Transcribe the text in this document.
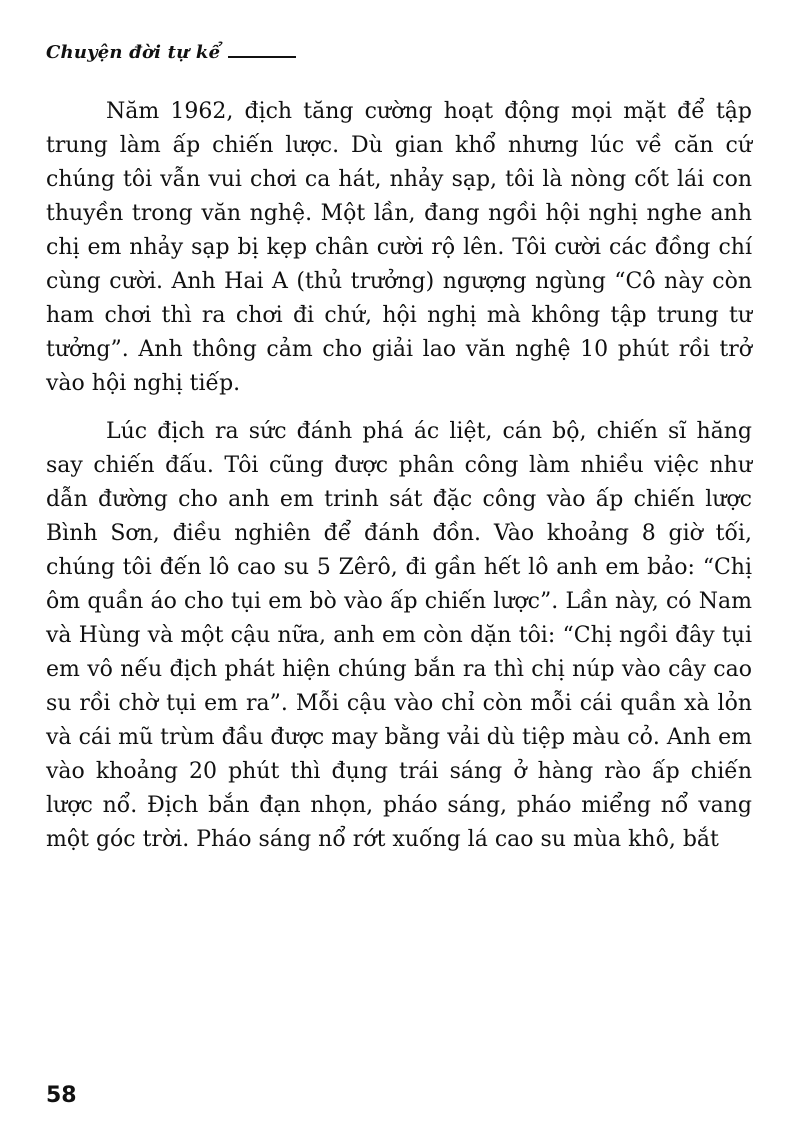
Chuyện đời tự kể

Năm 1962, địch tăng cường hoạt động mọi mặt để tập trung làm ấp chiến lược. Dù gian khổ nhưng lúc về căn cứ chúng tôi vẫn vui chơi ca hát, nhảy sạp, tôi là nòng cốt lái con thuyền trong văn nghệ. Một lần, đang ngồi hội nghị nghe anh chị em nhảy sạp bị kẹp chân cười rộ lên. Tôi cười các đồng chí cùng cười. Anh Hai A (thủ trưởng) ngượng ngùng “Cô này còn ham chơi thì ra chơi đi chứ, hội nghị mà không tập trung tư tưởng”. Anh thông cảm cho giải lao văn nghệ 10 phút rồi trở vào hội nghị tiếp.

Lúc địch ra sức đánh phá ác liệt, cán bộ, chiến sĩ hăng say chiến đấu. Tôi cũng được phân công làm nhiều việc như dẫn đường cho anh em trinh sát đặc công vào ấp chiến lược Bình Sơn, điều nghiên để đánh đồn. Vào khoảng 8 giờ tối, chúng tôi đến lô cao su 5 Zêrô, đi gần hết lô anh em bảo: “Chị ôm quần áo cho tụi em bò vào ấp chiến lược”. Lần này, có Nam và Hùng và một cậu nữa, anh em còn dặn tôi: “Chị ngồi đây tụi em vô nếu địch phát hiện chúng bắn ra thì chị núp vào cây cao su rồi chờ tụi em ra”. Mỗi cậu vào chỉ còn mỗi cái quần xà lỏn và cái mũ trùm đầu được may bằng vải dù tiệp màu cỏ. Anh em vào khoảng 20 phút thì đụng trái sáng ở hàng rào ấp chiến lược nổ. Địch bắn đạn nhọn, pháo sáng, pháo miểng nổ vang một góc trời. Pháo sáng nổ rớt xuống lá cao su mùa khô, bắt

58
